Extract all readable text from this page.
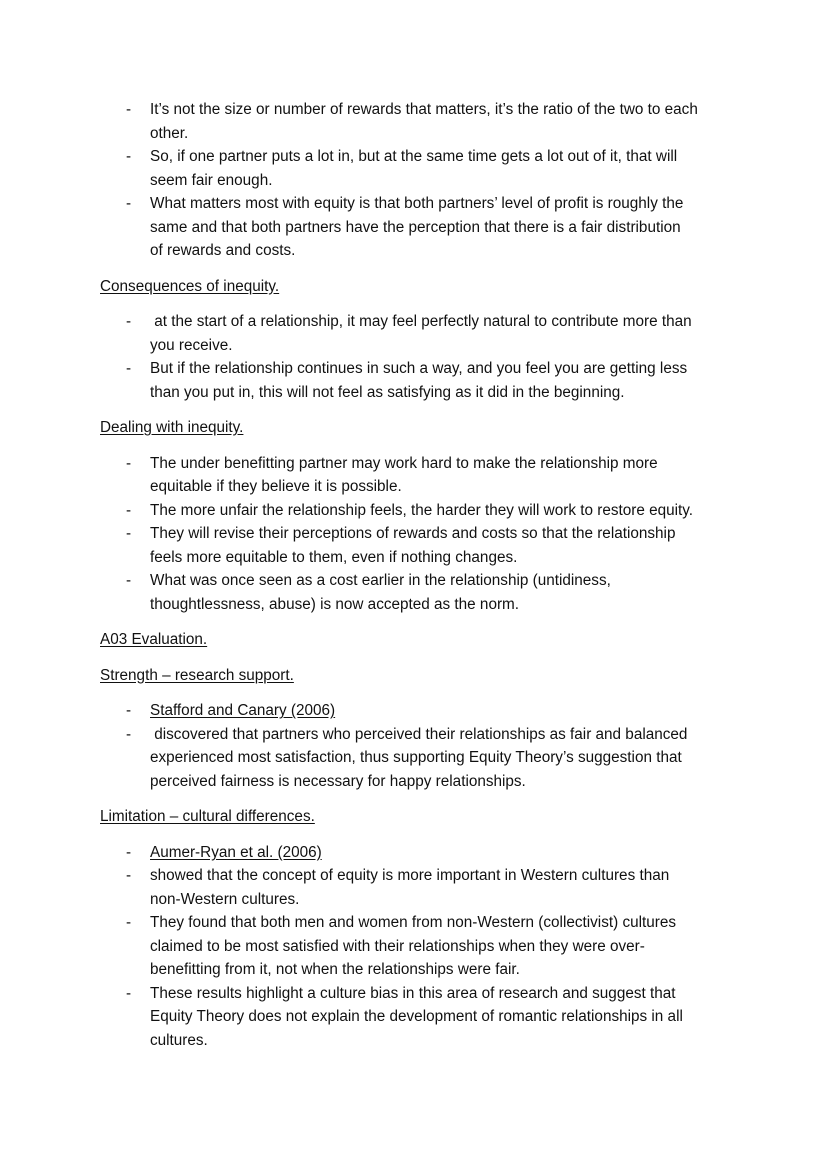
- It’s not the size or number of rewards that matters, it’s the ratio of the two to each
other.
- So, if one partner puts a lot in, but at the same time gets a lot out of it, that will
seem fair enough.
- What matters most with equity is that both partners’ level of profit is roughly the
same and that both partners have the perception that there is a fair distribution
of rewards and costs.

Consequences of inequity.

- at the start of a relationship, it may feel perfectly natural to contribute more than
you receive.
- But if the relationship continues in such a way, and you feel you are getting less
than you put in, this will not feel as satisfying as it did in the beginning.

Dealing with inequity.

- The under benefitting partner may work hard to make the relationship more
equitable if they believe it is possible.
- The more unfair the relationship feels, the harder they will work to restore equity.
- They will revise their perceptions of rewards and costs so that the relationship
feels more equitable to them, even if nothing changes.
- What was once seen as a cost earlier in the relationship (untidiness,
thoughtlessness, abuse) is now accepted as the norm.

A03 Evaluation.

Strength – research support.

- Stafford and Canary (2006)
- discovered that partners who perceived their relationships as fair and balanced
experienced most satisfaction, thus supporting Equity Theory’s suggestion that
perceived fairness is necessary for happy relationships.

Limitation – cultural differences.

- Aumer-Ryan et al. (2006)
- showed that the concept of equity is more important in Western cultures than
non-Western cultures.
- They found that both men and women from non-Western (collectivist) cultures
claimed to be most satisfied with their relationships when they were over-
benefitting from it, not when the relationships were fair.
- These results highlight a culture bias in this area of research and suggest that
Equity Theory does not explain the development of romantic relationships in all
cultures.
